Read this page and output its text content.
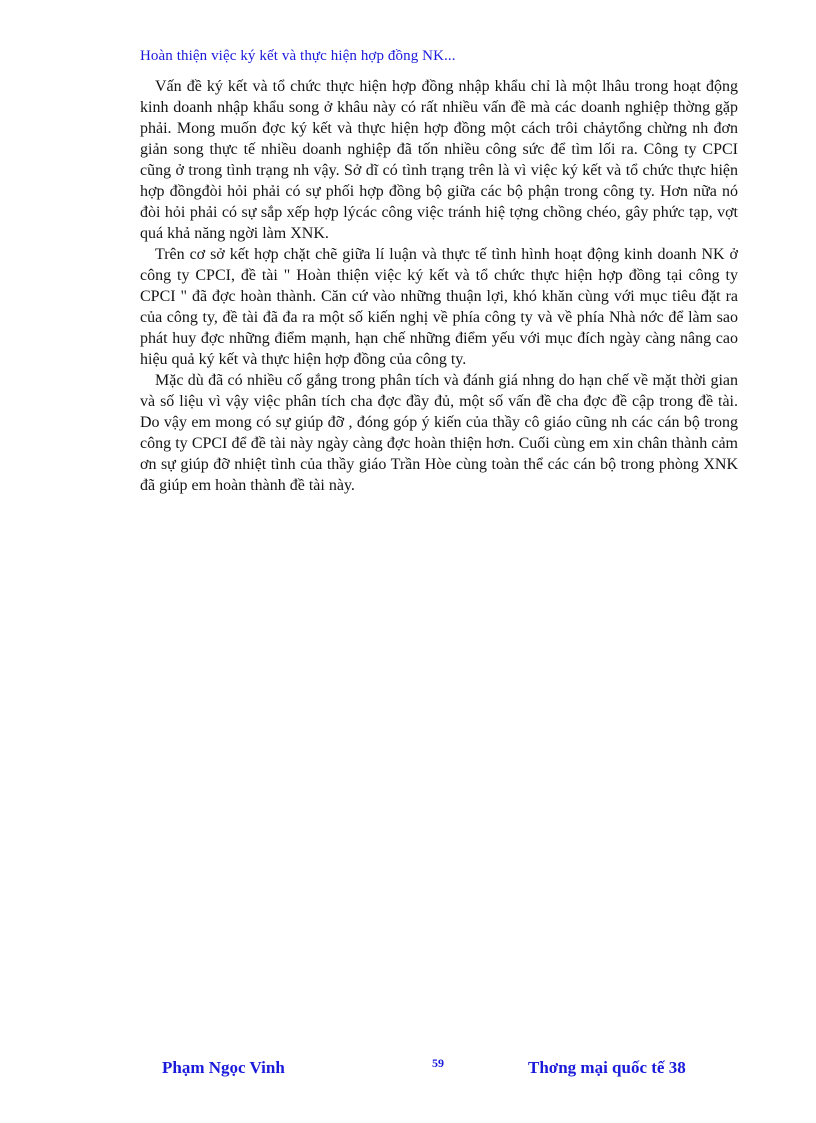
Hoàn thiện việc ký kết và thực hiện hợp đồng NK...

Vấn đề ký kết và tổ chức thực hiện hợp đồng nhập khẩu chỉ là một lhâu trong hoạt động kinh doanh nhập khẩu song ở khâu này có rất nhiều vấn đề mà các doanh nghiệp thờng gặp phải. Mong muốn đợc ký kết và thực hiện hợp đồng một cách trôi chảytổng chừng nh đơn giản song thực tế nhiều doanh nghiệp đã tốn nhiều công sức để tìm lối ra. Công ty CPCI cũng ở trong tình trạng nh vậy. Sở dĩ có tình trạng trên là vì việc ký kết và tổ chức thực hiện hợp đồngđòi hỏi phải có sự phối hợp đồng bộ giữa các bộ phận trong công ty. Hơn nữa nó đòi hỏi phải có sự sắp xếp hợp lýcác công việc tránh hiệ tợng chồng chéo, gây phức tạp, vợt quá khả năng ngời làm XNK.

Trên cơ sở kết hợp chặt chẽ giữa lí luận và thực tế tình hình hoạt động kinh doanh NK ở công ty CPCI, đề tài " Hoàn thiện việc ký kết và tổ chức thực hiện hợp đồng tại công ty CPCI " đã đợc hoàn thành. Căn cứ vào những thuận lợi, khó khăn cùng với mục tiêu đặt ra của công ty, đề tài đã đa ra một số kiến nghị về phía công ty và về phía Nhà nớc để làm sao phát huy đợc những điểm mạnh, hạn chế những điểm yếu với mục đích ngày càng nâng cao hiệu quả ký kết và thực hiện hợp đồng của công ty.

Mặc dù đã có nhiều cố gắng trong phân tích và đánh giá nhng do hạn chế về mặt thời gian và số liệu vì vậy việc phân tích cha đợc đầy đủ, một số vấn đề cha đợc đề cập trong đề tài. Do vậy em mong có sự giúp đỡ , đóng góp ý kiến của thầy cô giáo cũng nh các cán bộ trong công ty CPCI để đề tài này ngày càng đợc hoàn thiện hơn. Cuối cùng em xin chân thành cảm ơn sự giúp đỡ nhiệt tình của thầy giáo Trần Hòe cùng toàn thể các cán bộ trong phòng XNK đã giúp em hoàn thành đề tài này.

Phạm Ngọc Vinh	59	Thơng mại quốc tế 38
